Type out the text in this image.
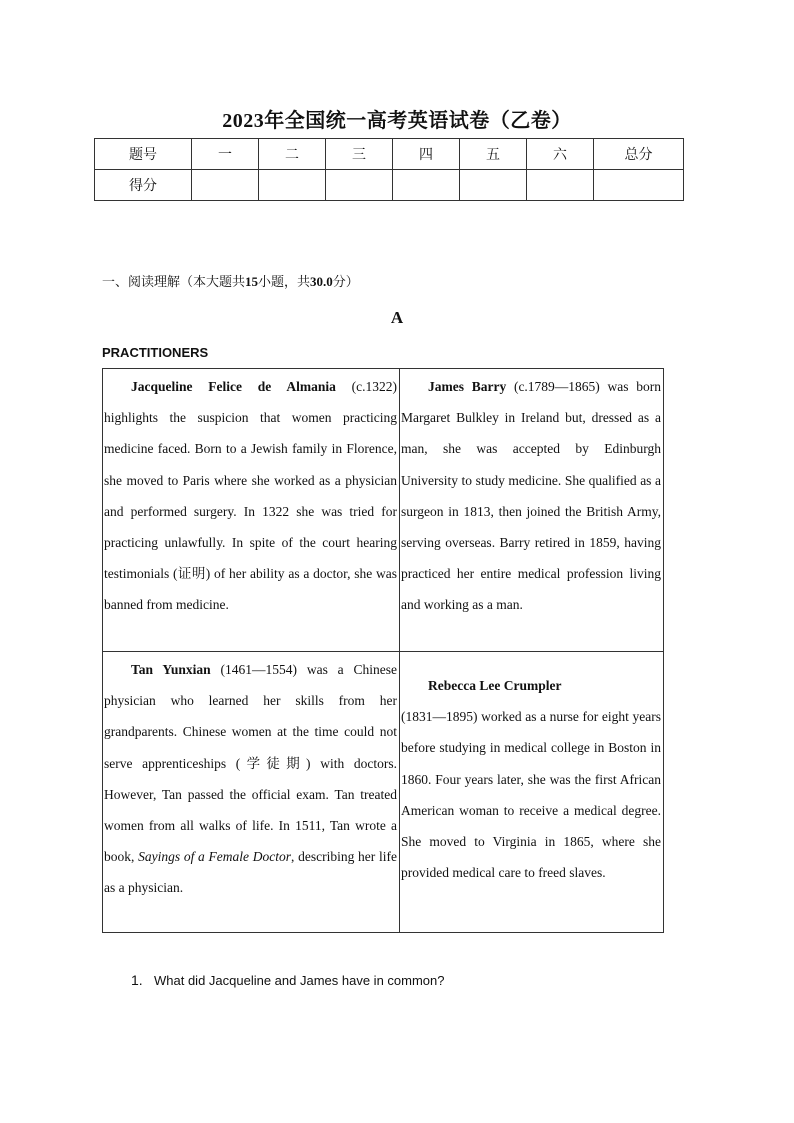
2023年全国统一高考英语试卷（乙卷）
题号	一	二	三	四	五	六	总分
得分							
一、阅读理解（本大题共15小题，共30.0分）
A
PRACTITIONERS
Jacqueline Felice de Almania (c.1322) highlights the suspicion that women practicing medicine faced. Born to a Jewish family in Florence, she moved to Paris where she worked as a physician and performed surgery. In 1322 she was tried for practicing unlawfully. In spite of the court hearing testimonials (证明) of her ability as a doctor, she was banned from medicine.
James Barry (c.1789—1865) was born Margaret Bulkley in Ireland but, dressed as a man, she was accepted by Edinburgh University to study medicine. She qualified as a surgeon in 1813, then joined the British Army, serving overseas. Barry retired in 1859, having practiced her entire medical profession living and working as a man.
Tan Yunxian (1461—1554) was a Chinese physician who learned her skills from her grandparents. Chinese women at the time could not serve apprenticeships (学徒期) with doctors. However, Tan passed the official exam. Tan treated women from all walks of life. In 1511, Tan wrote a book, Sayings of a Female Doctor, describing her life as a physician.
Rebecca Lee Crumpler
(1831—1895) worked as a nurse for eight years before studying in medical college in Boston in 1860. Four years later, she was the first African American woman to receive a medical degree. She moved to Virginia in 1865, where she provided medical care to freed slaves.
1. What did Jacqueline and James have in common?
